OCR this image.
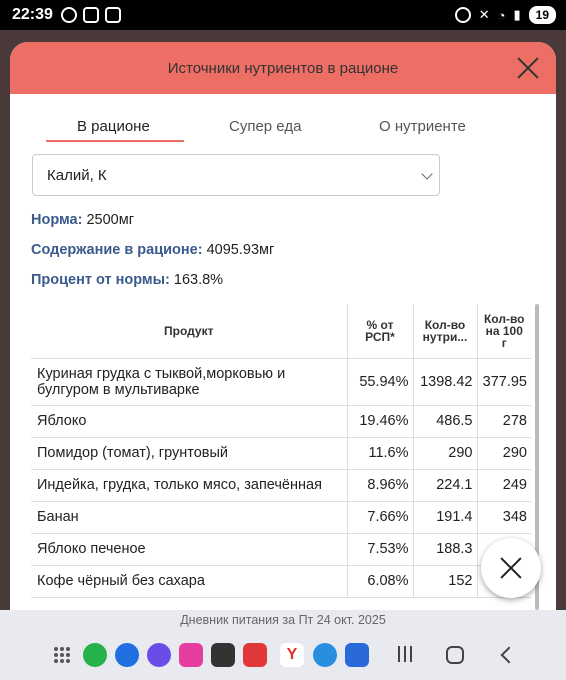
22:39	✕ ◔ ▮	19
Источники нутриентов в рационе
В рационе	Супер еда	О нутриенте
Калий, К
Норма: 2500мг
Содержание в рационе: 4095.93мг
Процент от нормы: 163.8%
Продукт	% от РСП*	Кол-во нутри...	Кол-во на 100 г
Куриная грудка с тыквой,морковью и булгуром в мультиварке	55.94%	1398.42	377.95
Яблоко	19.46%	486.5	278
Помидор (томат), грунтовый	11.6%	290	290
Индейка, грудка, только мясо, запечённая	8.96%	224.1	249
Банан	7.66%	191.4	348
Яблоко печеное	7.53%	188.3	
Кофе чёрный без сахара	6.08%	152	
Дневник питания за Пт 24 окт. 2025
Y
